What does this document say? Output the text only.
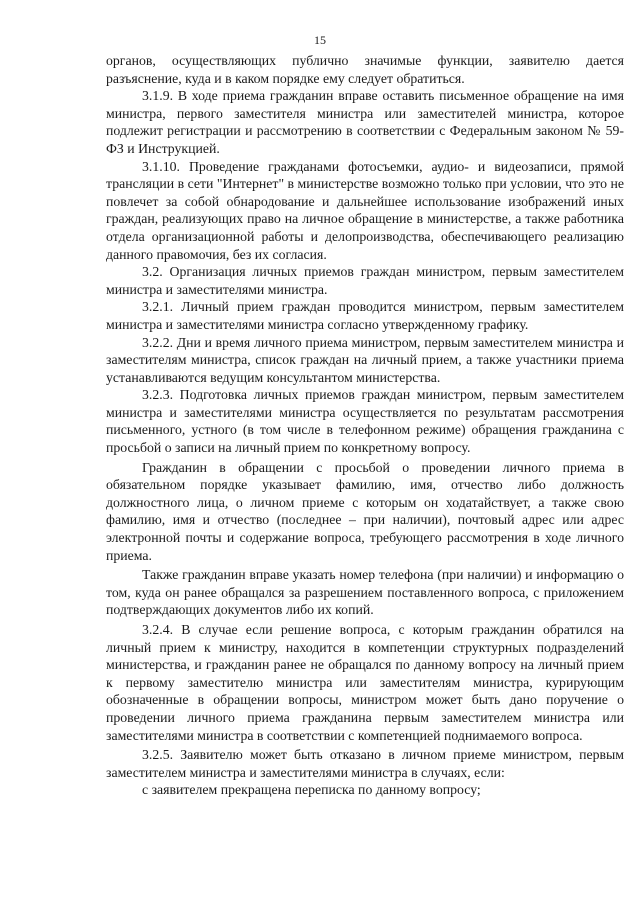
15

органов, осуществляющих публично значимые функции, заявителю дается разъяснение, куда и в каком порядке ему следует обратиться.

3.1.9. В ходе приема гражданин вправе оставить письменное обращение на имя министра, первого заместителя министра или заместителей министра, которое подлежит регистрации и рассмотрению в соответствии с Федеральным законом № 59-ФЗ и Инструкцией.

3.1.10. Проведение гражданами фотосъемки, аудио- и видеозаписи, прямой трансляции в сети "Интернет" в министерстве возможно только при условии, что это не повлечет за собой обнародование и дальнейшее использование изображений иных граждан, реализующих право на личное обращение в министерстве, а также работника отдела организационной работы и делопроизводства, обеспечивающего реализацию данного правомочия, без их согласия.

3.2. Организация личных приемов граждан министром, первым заместителем министра и заместителями министра.

3.2.1. Личный прием граждан проводится министром, первым заместителем министра и заместителями министра согласно утвержденному графику.

3.2.2. Дни и время личного приема министром, первым заместителем министра и заместителям министра, список граждан на личный прием, а также участники приема устанавливаются ведущим консультантом министерства.

3.2.3. Подготовка личных приемов граждан министром, первым заместителем министра и заместителями министра осуществляется по результатам рассмотрения письменного, устного (в том числе в телефонном режиме) обращения гражданина с просьбой о записи на личный прием по конкретному вопросу.

Гражданин в обращении с просьбой о проведении личного приема в обязательном порядке указывает фамилию, имя, отчество либо должность должностного лица, о личном приеме с которым он ходатайствует, а также свою фамилию, имя и отчество (последнее – при наличии), почтовый адрес или адрес электронной почты и содержание вопроса, требующего рассмотрения в ходе личного приема.

Также гражданин вправе указать номер телефона (при наличии) и информацию о том, куда он ранее обращался за разрешением поставленного вопроса, с приложением подтверждающих документов либо их копий.

3.2.4. В случае если решение вопроса, с которым гражданин обратился на личный прием к министру, находится в компетенции структурных подразделений министерства, и гражданин ранее не обращался по данному вопросу на личный прием к первому заместителю министра или заместителям министра, курирующим обозначенные в обращении вопросы, министром может быть дано поручение о проведении личного приема гражданина первым заместителем министра или заместителями министра в соответствии с компетенцией поднимаемого вопроса.

3.2.5. Заявителю может быть отказано в личном приеме министром, первым заместителем министра и заместителями министра в случаях, если:

с заявителем прекращена переписка по данному вопросу;
